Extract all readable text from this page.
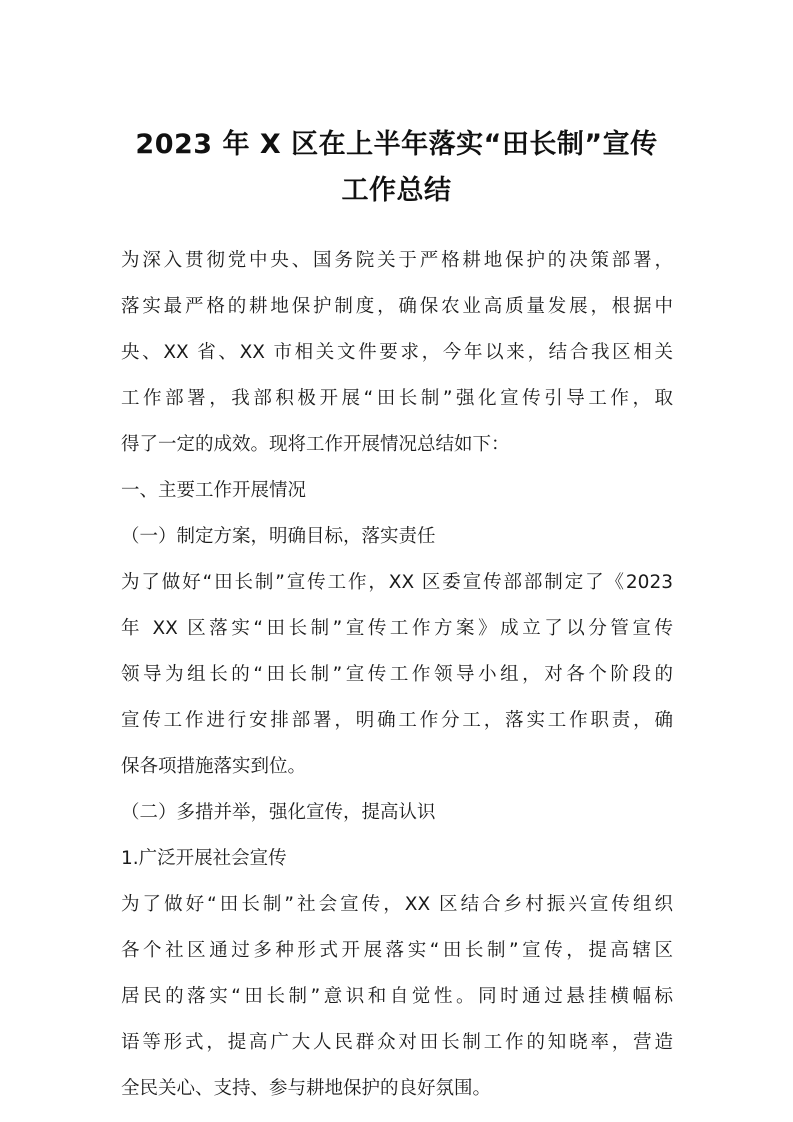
2023 年 X 区在上半年落实“田长制”宣传
工作总结
为深入贯彻党中央、国务院关于严格耕地保护的决策部署，
落实最严格的耕地保护制度，确保农业高质量发展，根据中
央、XX 省、XX 市相关文件要求，今年以来，结合我区相关
工作部署，我部积极开展“田长制”强化宣传引导工作，取
得了一定的成效。现将工作开展情况总结如下：
一、主要工作开展情况
（一）制定方案，明确目标，落实责任
为了做好“田长制”宣传工作，XX 区委宣传部部制定了《2023
年 XX 区落实“田长制”宣传工作方案》成立了以分管宣传
领导为组长的“田长制”宣传工作领导小组，对各个阶段的
宣传工作进行安排部署，明确工作分工，落实工作职责，确
保各项措施落实到位。
（二）多措并举，强化宣传，提高认识
1.广泛开展社会宣传
为了做好“田长制”社会宣传，XX 区结合乡村振兴宣传组织
各个社区通过多种形式开展落实“田长制”宣传，提高辖区
居民的落实“田长制”意识和自觉性。同时通过悬挂横幅标
语等形式，提高广大人民群众对田长制工作的知晓率，营造
全民关心、支持、参与耕地保护的良好氛围。
